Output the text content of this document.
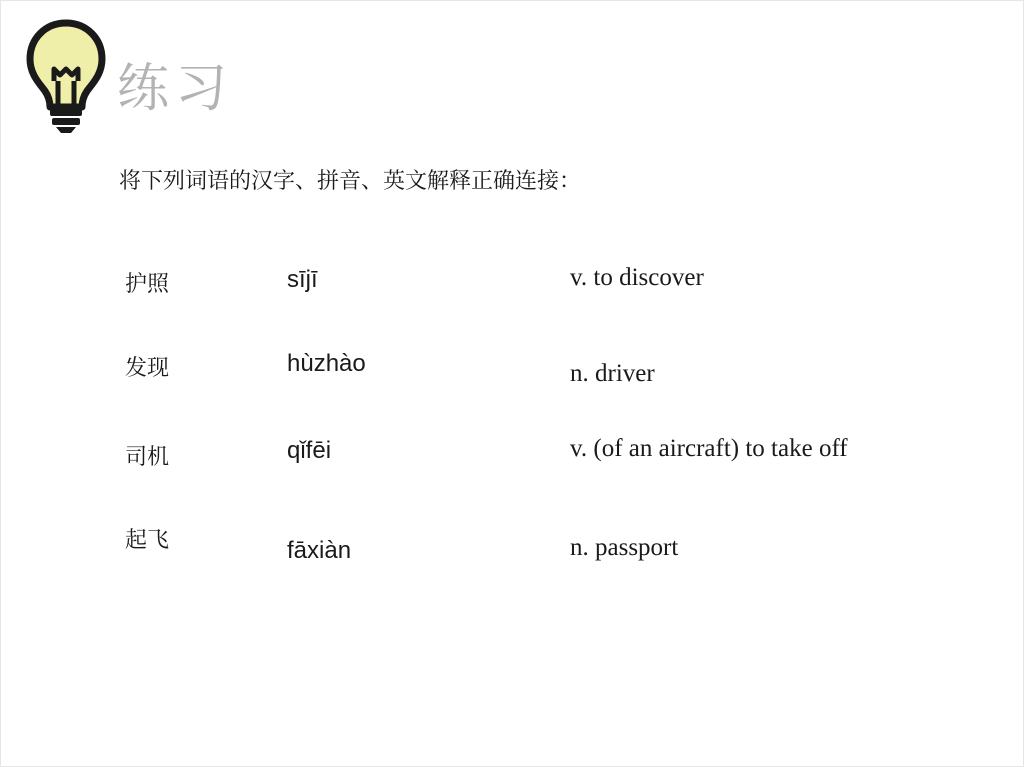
练习
将下列词语的汉字、拼音、英文解释正确连接：
护照
发现
司机
起飞
sījī
hùzhào
qǐfēi
fāxiàn
v. to discover
n. driver
v. (of an aircraft) to take off
n. passport
